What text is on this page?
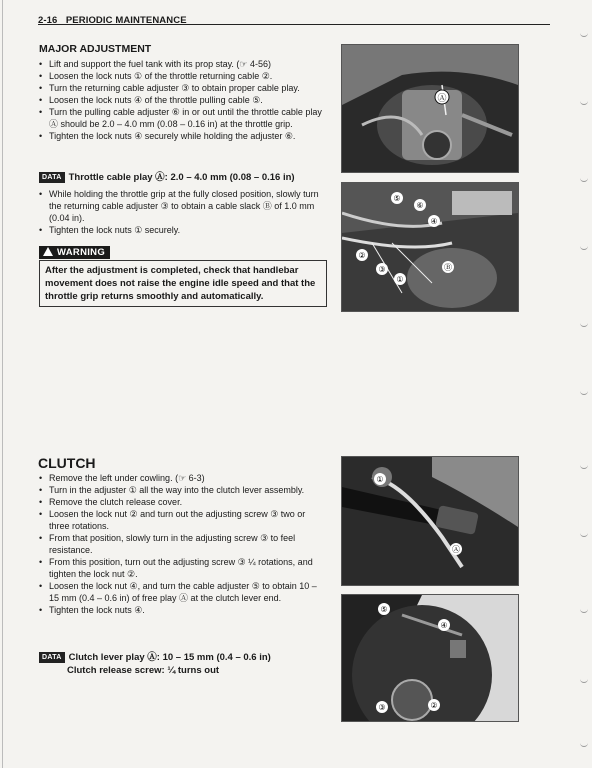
2-16 PERIODIC MAINTENANCE
MAJOR ADJUSTMENT
• Lift and support the fuel tank with its prop stay. (☞ 4-56)
• Loosen the lock nuts ① of the throttle returning cable ②.
• Turn the returning cable adjuster ③ to obtain proper cable play.
• Loosen the lock nuts ④ of the throttle pulling cable ⑤.
• Turn the pulling cable adjuster ⑥ in or out until the throttle cable play Ⓐ should be 2.0 – 4.0 mm (0.08 – 0.16 in) at the throttle grip.
• Tighten the lock nuts ④ securely while holding the adjuster ⑥.
DATA Throttle cable play Ⓐ: 2.0 – 4.0 mm (0.08 – 0.16 in)
• While holding the throttle grip at the fully closed position, slowly turn the returning cable adjuster ③ to obtain a cable slack Ⓑ of 1.0 mm (0.04 in).
• Tighten the lock nuts ① securely.
WARNING
After the adjustment is completed, check that handlebar movement does not raise the engine idle speed and that the throttle grip returns smoothly and automatically.
CLUTCH
• Remove the left under cowling. (☞ 6-3)
• Turn in the adjuster ① all the way into the clutch lever assembly.
• Remove the clutch release cover.
• Loosen the lock nut ② and turn out the adjusting screw ③ two or three rotations.
• From that position, slowly turn in the adjusting screw ③ to feel resistance.
• From this position, turn out the adjusting screw ③ ¼ rotations, and tighten the lock nut ②.
• Loosen the lock nut ④, and turn the cable adjuster ⑤ to obtain 10 – 15 mm (0.4 – 0.6 in) of free play Ⓐ at the clutch lever end.
• Tighten the lock nuts ④.
DATA Clutch lever play Ⓐ: 10 – 15 mm (0.4 – 0.6 in)
Clutch release screw: ¼ turns out
Ⓐ
⑤
⑥
④
②
③
①
Ⓑ
①
Ⓐ
⑤
④
③	②
